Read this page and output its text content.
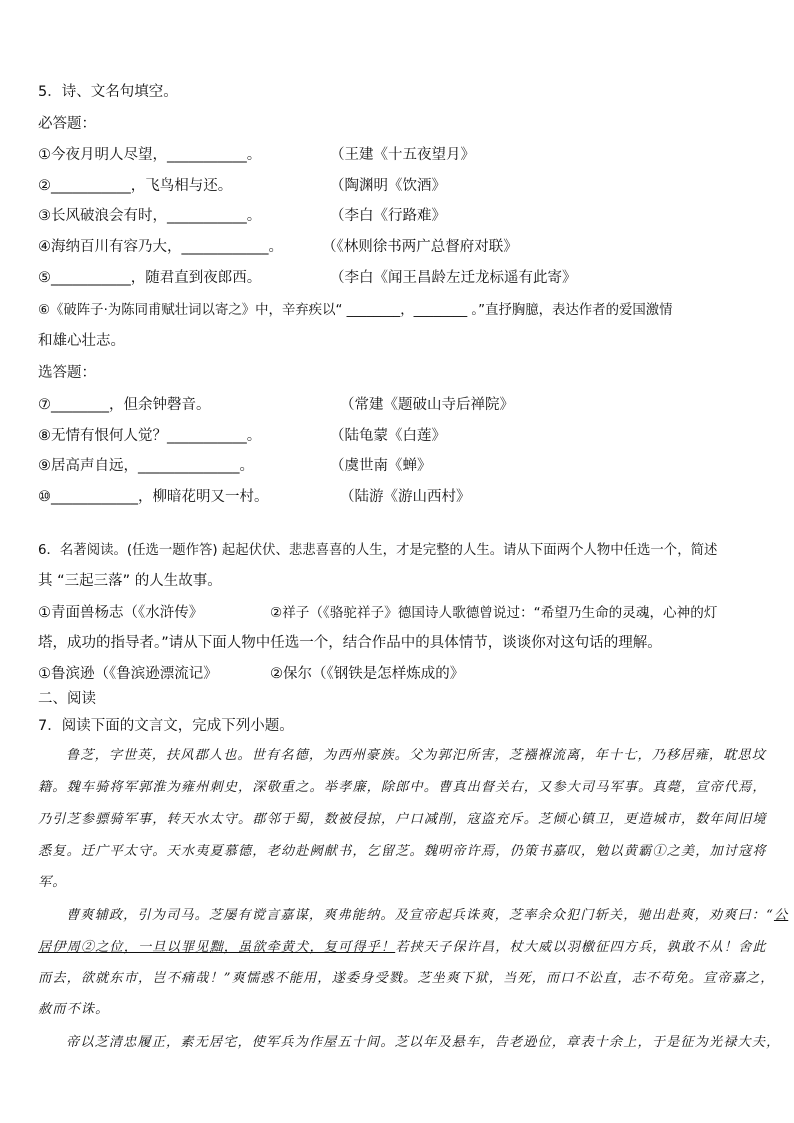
5．诗、文名句填空。
必答题：
①今夜月明人尽望，___________。	（王建《十五夜望月》
②___________，飞鸟相与还。	（陶渊明《饮酒》
③长风破浪会有时，___________。	（李白《行路难》
④海纳百川有容乃大，____________。	（《林则徐书两广总督府对联》
⑤___________，随君直到夜郎西。	（李白《闻王昌龄左迁龙标遥有此寄》
⑥《破阵子·为陈同甫赋壮词以寄之》中，辛弃疾以“ ________，________ 。”直抒胸臆，表达作者的爱国激情
和雄心壮志。
选答题：
⑦________，但余钟磬音。	（常建《题破山寺后禅院》
⑧无情有恨何人觉？___________。	（陆龟蒙《白莲》
⑨居高声自远，______________。	（虞世南《蝉》
⑩____________，柳暗花明又一村。	（陆游《游山西村》
6．名著阅读。(任选一题作答) 起起伏伏、悲悲喜喜的人生，才是完整的人生。请从下面两个人物中任选一个，简述
其 “三起三落” 的人生故事。
①青面兽杨志（《水浒传》	②祥子（《骆驼祥子》德国诗人歌德曾说过：“希望乃生命的灵魂，心神的灯
塔，成功的指导者。”请从下面人物中任选一个，结合作品中的具体情节，谈谈你对这句话的理解。
①鲁滨逊（《鲁滨逊漂流记》	②保尔（《钢铁是怎样炼成的》
二、阅读
7．阅读下面的文言文，完成下列小题。
鲁芝，字世英，扶风郡人也。世有名德，为西州豪族。父为郭汜所害，芝襁褓流离，年十七，乃移居雍，耽思坟
籍。魏车骑将军郭淮为雍州刺史，深敬重之。举孝廉，除郎中。曹真出督关右，又参大司马军事。真薨，宣帝代焉，
乃引芝参骠骑军事，转天水太守。郡邻于蜀，数被侵掠，户口减削，寇盗充斥。芝倾心镇卫，更造城市，数年间旧境
悉复。迁广平太守。天水夷夏慕德，老幼赴阙献书，乞留芝。魏明帝许焉，仍策书嘉叹，勉以黄霸①之美，加讨寇将
军。
曹爽辅政，引为司马。芝屡有谠言嘉谋，爽弗能纳。及宣帝起兵诛爽，芝率余众犯门斩关，驰出赴爽，劝爽曰：“公
居伊周②之位，一旦以罪见黜，虽欲牵黄犬，复可得乎！若挟天子保许昌，杖大威以羽檄征四方兵，孰敢不从！舍此
而去，欲就东市，岂不痛哉！”爽懦惑不能用，遂委身受戮。芝坐爽下狱，当死，而口不讼直，志不苟免。宣帝嘉之，
赦而不诛。
帝以芝清忠履正，素无居宅，使军兵为作屋五十间。芝以年及悬车，告老逊位，章表十余上，于是征为光禄大夫，
